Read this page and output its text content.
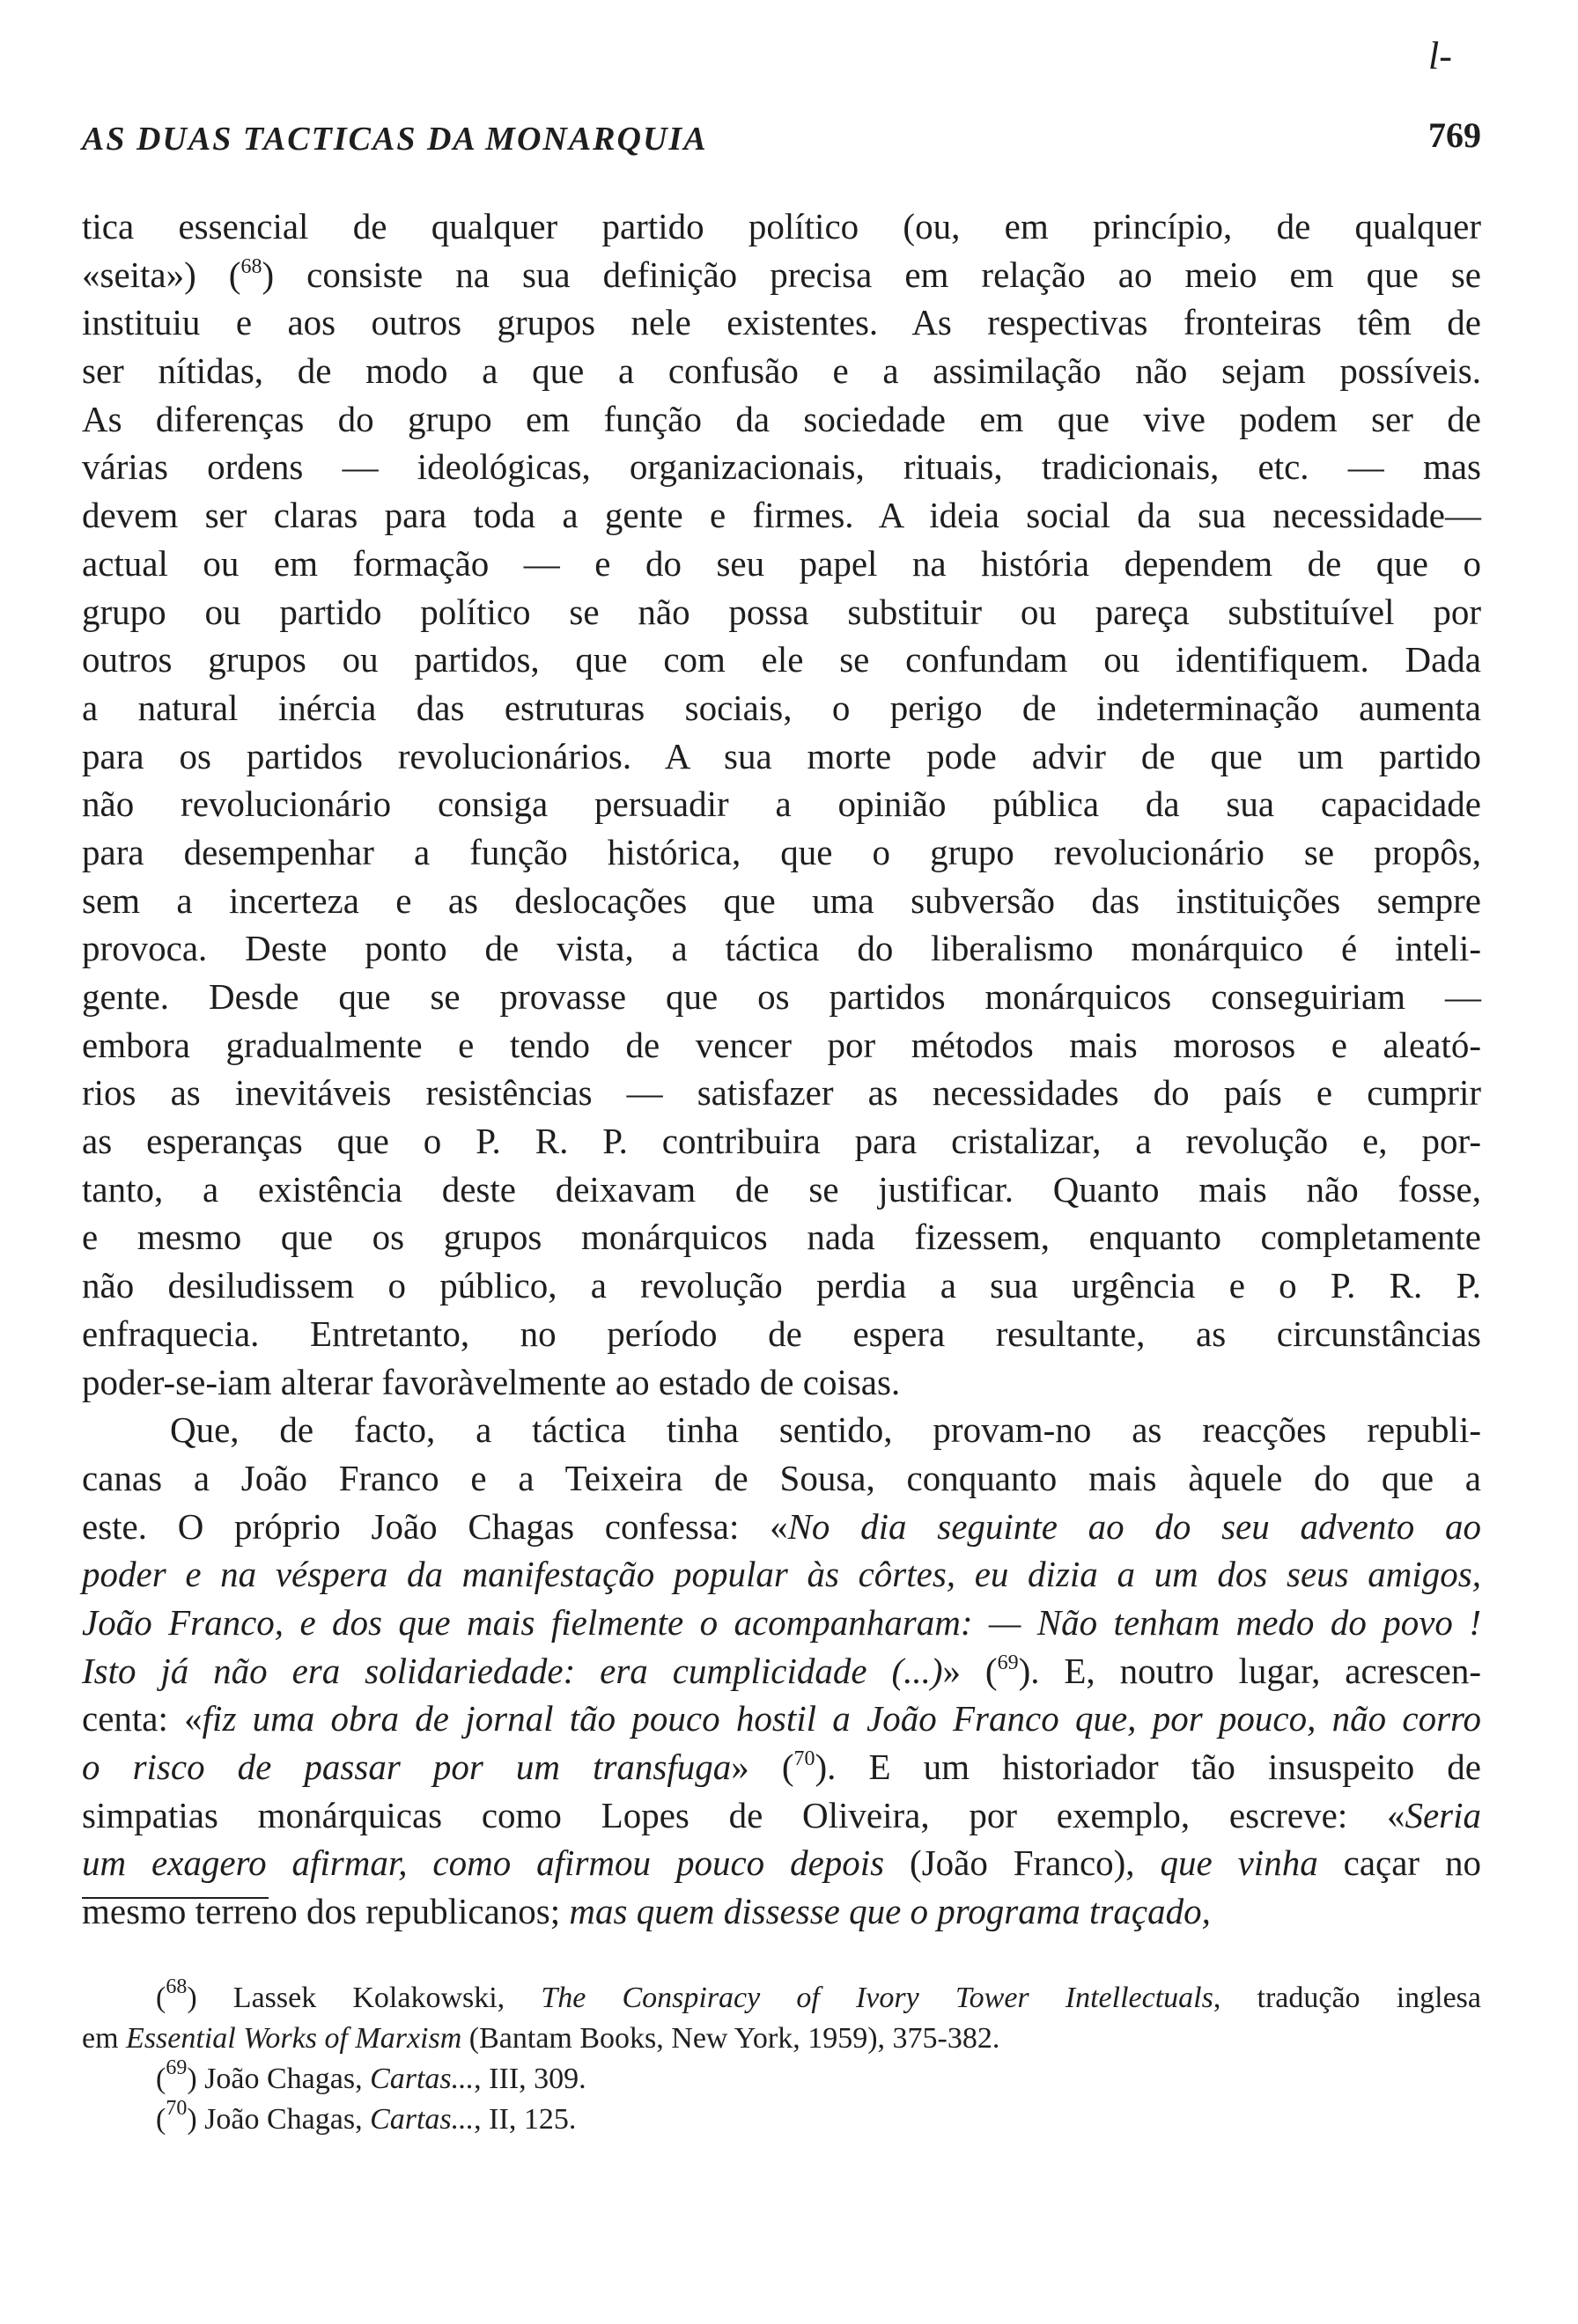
l-
AS DUAS TACTICAS DA MONARQUIA	769
tica essencial de qualquer partido político (ou, em princípio, de qualquer
«seita») ($^{68}$) consiste na sua definição precisa em relação ao meio em que se
instituiu e aos outros grupos nele existentes. As respectivas fronteiras têm de
ser nítidas, de modo a que a confusão e a assimilação não sejam possíveis.
As diferenças do grupo em função da sociedade em que vive podem ser de
várias ordens — ideológicas, organizacionais, rituais, tradicionais, etc. — mas
devem ser claras para toda a gente e firmes. A ideia social da sua necessidade—
actual ou em formação — e do seu papel na história dependem de que o
grupo ou partido político se não possa substituir ou pareça substituível por
outros grupos ou partidos, que com ele se confundam ou identifiquem. Dada
a natural inércia das estruturas sociais, o perigo de indeterminação aumenta
para os partidos revolucionários. A sua morte pode advir de que um partido
não revolucionário consiga persuadir a opinião pública da sua capacidade
para desempenhar a função histórica, que o grupo revolucionário se propôs,
sem a incerteza e as deslocações que uma subversão das instituições sempre
provoca. Deste ponto de vista, a táctica do liberalismo monárquico é inteli-
gente. Desde que se provasse que os partidos monárquicos conseguiriam —
embora gradualmente e tendo de vencer por métodos mais morosos e aleató-
rios as inevitáveis resistências — satisfazer as necessidades do país e cumprir
as esperanças que o P. R. P. contribuira para cristalizar, a revolução e, por-
tanto, a existência deste deixavam de se justificar. Quanto mais não fosse,
e mesmo que os grupos monárquicos nada fizessem, enquanto completamente
não desiludissem o público, a revolução perdia a sua urgência e o P. R. P.
enfraquecia. Entretanto, no período de espera resultante, as circunstâncias
poder-se-iam alterar favoràvelmente ao estado de coisas.
Que, de facto, a táctica tinha sentido, provam-no as reacções republi-
canas a João Franco e a Teixeira de Sousa, conquanto mais àquele do que a
este. O próprio João Chagas confessa: «No dia seguinte ao do seu advento ao
poder e na véspera da manifestação popular às côrtes, eu dizia a um dos seus amigos,
João Franco, e dos que mais fielmente o acompanharam: — Não tenham medo do povo !
Isto já não era solidariedade: era cumplicidade (...)» ($^{69}$). E, noutro lugar, acrescen-
centa: «fiz uma obra de jornal tão pouco hostil a João Franco que, por pouco, não corro
o risco de passar por um transfuga» ($^{70}$). E um historiador tão insuspeito de
simpatias monárquicas como Lopes de Oliveira, por exemplo, escreve: «Seria
um exagero afirmar, como afirmou pouco depois (João Franco), que vinha caçar no
mesmo terreno dos republicanos; mas quem dissesse que o programa traçado,
($^{68}$) Lassek Kolakowski, The Conspiracy of Ivory Tower Intellectuals, tradução inglesa
em Essential Works of Marxism (Bantam Books, New York, 1959), 375-382.
($^{69}$) João Chagas, Cartas..., III, 309.
($^{70}$) João Chagas, Cartas..., II, 125.
